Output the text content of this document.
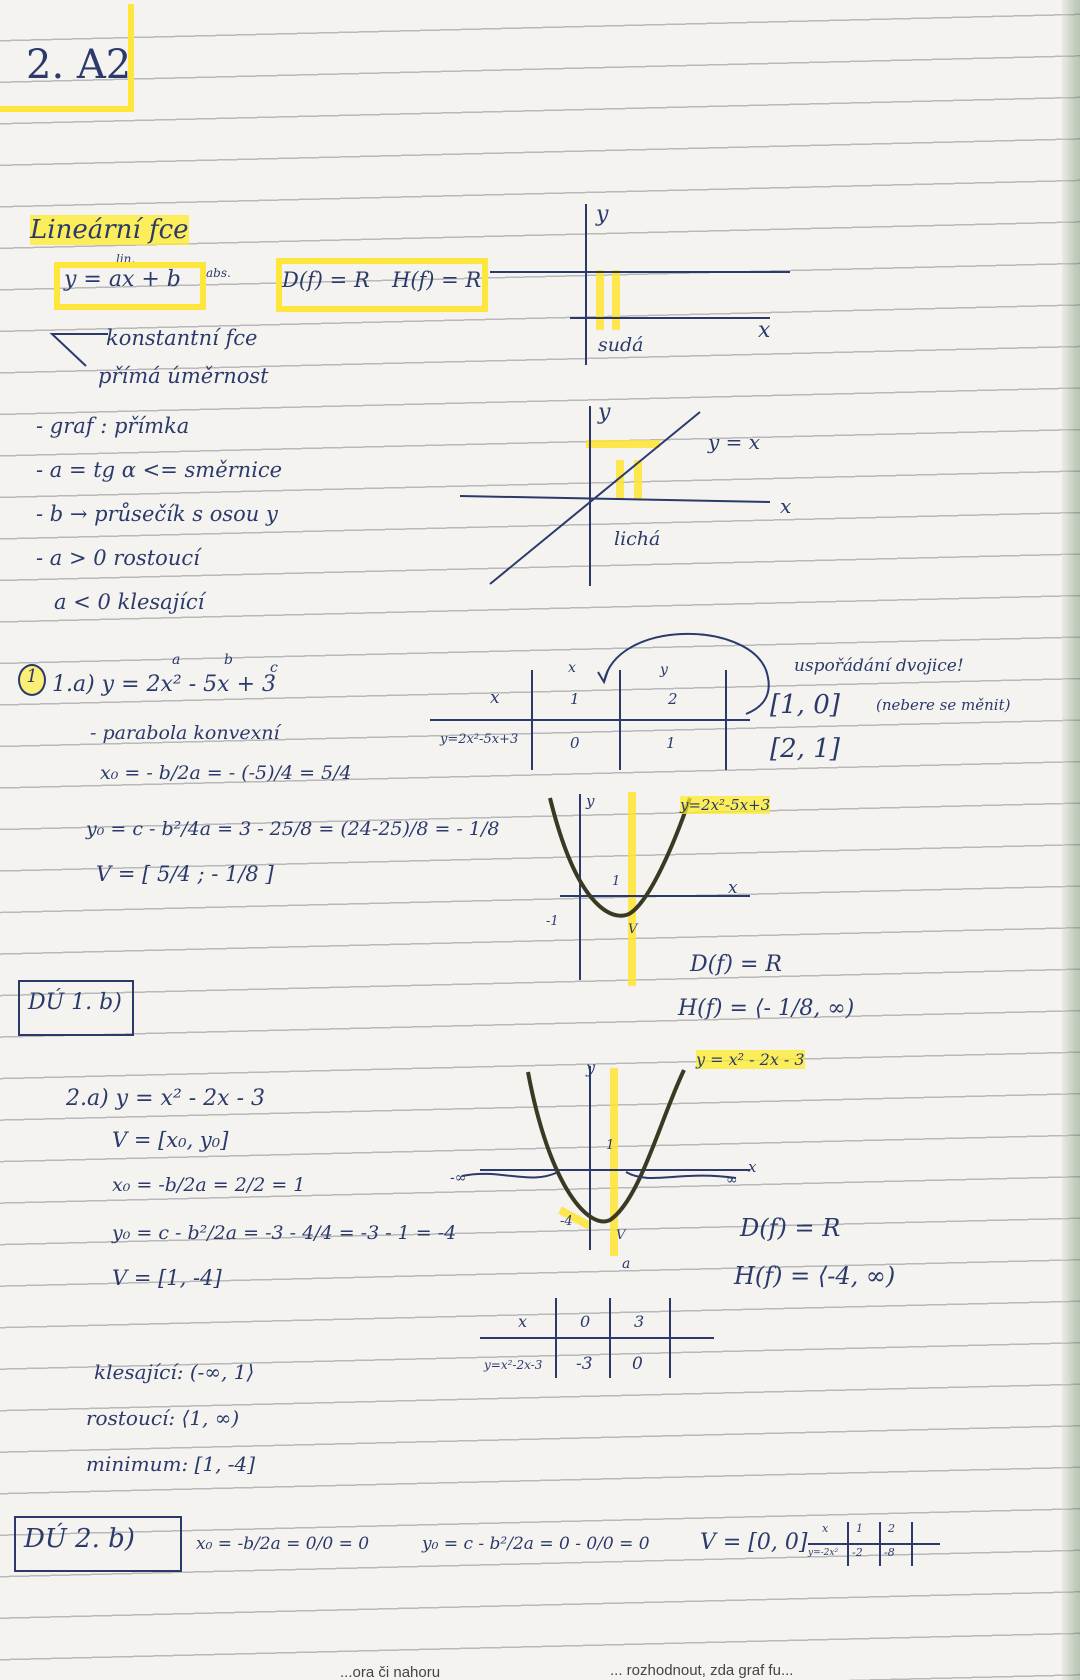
2. A2
Lineární fce
lin.
abs.
y = ax + b	D(f) = R H(f) = R
konstantní fce
přímá úměrnost
- graf : přímka
- a = tg α <= směrnice
- b → průsečík s osou y
- a > 0 rostoucí
a < 0 klesající
y
x
sudá
y
y = x
x
lichá
1
a	b	c
1.a) y = 2x² - 5x + 3
- parabola konvexní
x₀ = - b/2a = - (-5)/4 = 5/4
y₀ = c - b²/4a = 3 - 25/8 = (24-25)/8 = - 1/8
V = [ 5/4 ; - 1/8 ]
x	y
x	1	2
y=2x²-5x+3	0	1
uspořádání dvojice!
[1, 0] (nebere se měnit)
[2, 1]
y=2x²-5x+3
y
x
-1
1
V
D(f) = R
H(f) = ⟨- 1/8, ∞)
DÚ 1. b)
2.a) y = x² - 2x - 3
V = [x₀, y₀]
x₀ = -b/2a = 2/2 = 1
y₀ = c - b²/2a = -3 - 4/4 = -3 - 1 = -4
V = [1, -4]
y = x² - 2x - 3
y
x
-∞	∞
1
-4
V
a
D(f) = R
H(f) = ⟨-4, ∞)
x	0	3
y=x²-2x-3 -3 0
klesající: (-∞, 1⟩
rostoucí: ⟨1, ∞)
minimum: [1, -4]
DÚ 2. b)	x₀ = -b/2a = 0/0 = 0	y₀ = c - b²/2a = 0 - 0/0 = 0 V = [0, 0]
x	1 2
y=-2x² -2 -8
...ora či nahoru	... rozhodnout, zda graf fu...
